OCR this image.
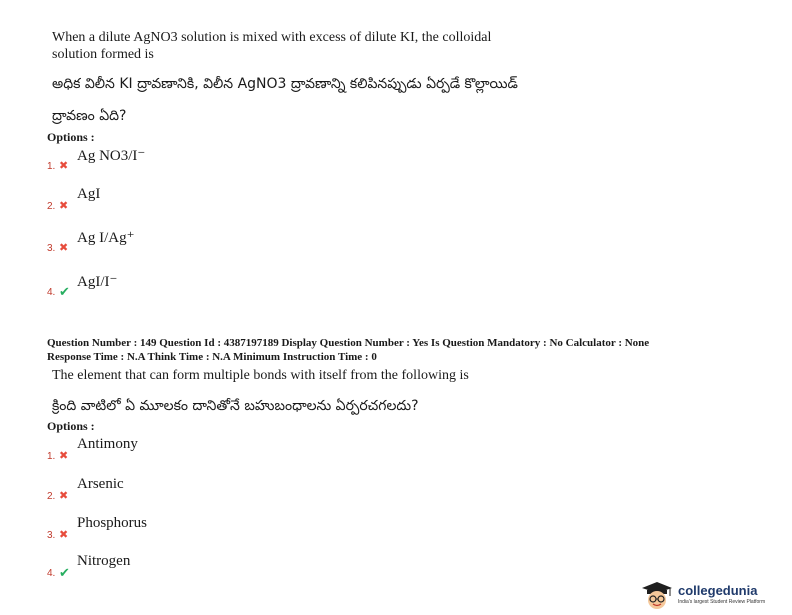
When a dilute AgNO3 solution is mixed with excess of dilute KI, the colloidal
solution formed is
అధిక విలీన KI ద్రావణానికి, విలీన AgNO3 ద్రావణాన్ని కలిపినప్పుడు ఏర్పడే కొల్లాయిడ్
ద్రావణం ఏది?
Options :
1. ✖
Ag NO3/I⁻
2. ✖
AgI
3. ✖
Ag I/Ag⁺
4. ✔
AgI/I⁻
Question Number : 149 Question Id : 4387197189 Display Question Number : Yes Is Question Mandatory : No Calculator : None
Response Time : N.A Think Time : N.A Minimum Instruction Time : 0
The element that can form multiple bonds with itself from the following is
క్రింది వాటిలో ఏ మూలకం దానితోనే బహుబంధాలను ఏర్పరచగలదు?
Options :
1. ✖
Antimony
2. ✖
Arsenic
3. ✖
Phosphorus
4. ✔
Nitrogen
collegedunia
India's largest Student Review Platform
